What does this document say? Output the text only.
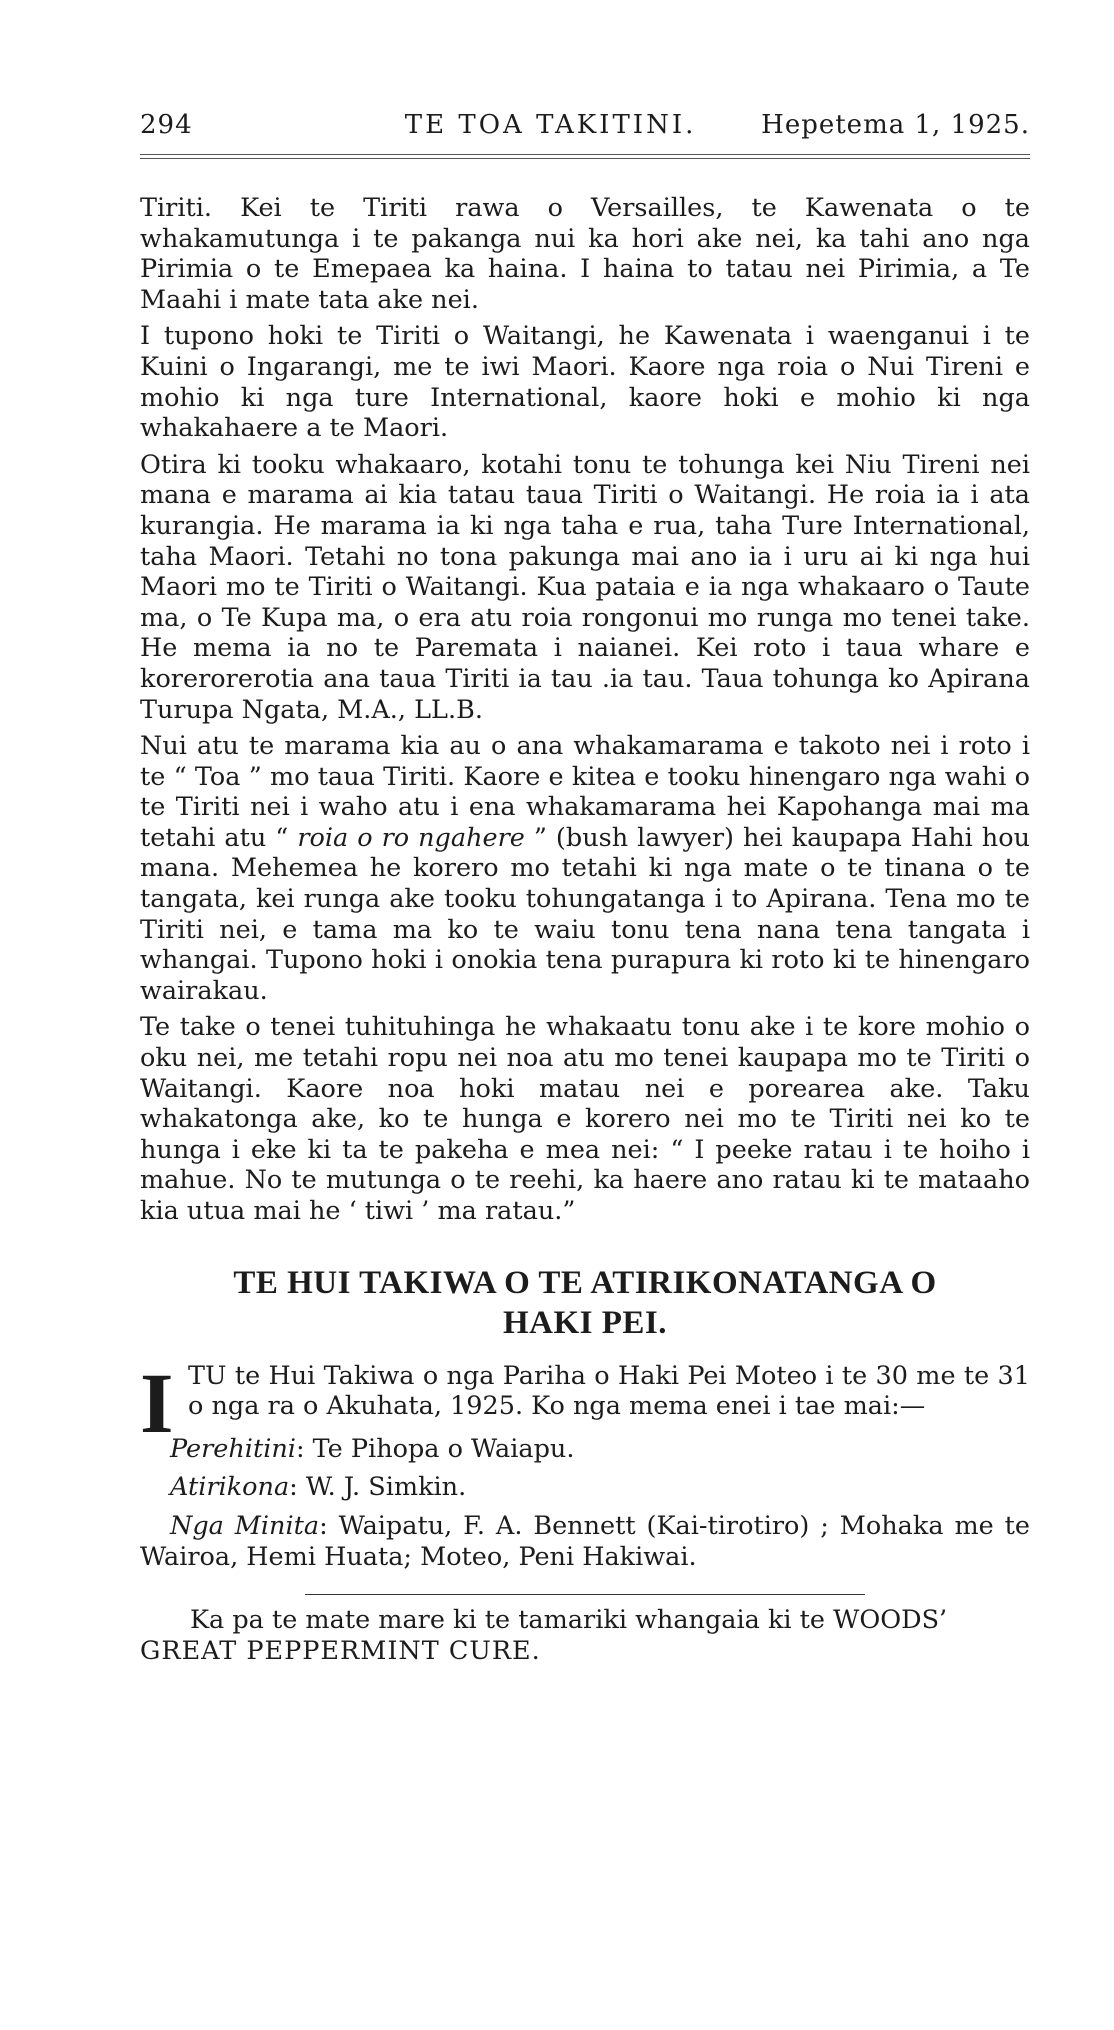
294	TE TOA TAKITINI.	Hepetema 1, 1925.

Tiriti. Kei te Tiriti rawa o Versailles, te Kawenata o te whakamutunga i te pakanga nui ka hori ake nei, ka tahi ano nga Pirimia o te Emepaea ka haina. I haina to tatau nei Pirimia, a Te Maahi i mate tata ake nei.

I tupono hoki te Tiriti o Waitangi, he Kawenata i waenganui i te Kuini o Ingarangi, me te iwi Maori. Kaore nga roia o Nui Tireni e mohio ki nga ture International, kaore hoki e mohio ki nga whakahaere a te Maori.

Otira ki tooku whakaaro, kotahi tonu te tohunga kei Niu Tireni nei mana e marama ai kia tatau taua Tiriti o Waitangi. He roia ia i ata kurangia. He marama ia ki nga taha e rua, taha Ture International, taha Maori. Tetahi no tona pakunga mai ano ia i uru ai ki nga hui Maori mo te Tiriti o Waitangi. Kua pataia e ia nga whakaaro o Taute ma, o Te Kupa ma, o era atu roia rongonui mo runga mo tenei take. He mema ia no te Paremata i naianei. Kei roto i taua whare e korerorerotia ana taua Tiriti ia tau .ia tau. Taua tohunga ko Apirana Turupa Ngata, M.A., LL.B.

Nui atu te marama kia au o ana whakamarama e takoto nei i roto i te “ Toa ” mo taua Tiriti. Kaore e kitea e tooku hinengaro nga wahi o te Tiriti nei i waho atu i ena whakamarama hei Kapohanga mai ma tetahi atu “ roia o ro ngahere ” (bush lawyer) hei kaupapa Hahi hou mana. Mehemea he korero mo tetahi ki nga mate o te tinana o te tangata, kei runga ake tooku tohungatanga i to Apirana. Tena mo te Tiriti nei, e tama ma ko te waiu tonu tena nana tena tangata i whangai. Tupono hoki i onokia tena purapura ki roto ki te hinengaro wairakau.

Te take o tenei tuhituhinga he whakaatu tonu ake i te kore mohio o oku nei, me tetahi ropu nei noa atu mo tenei kaupapa mo te Tiriti o Waitangi. Kaore noa hoki matau nei e porearea ake. Taku whakatonga ake, ko te hunga e korero nei mo te Tiriti nei ko te hunga i eke ki ta te pakeha e mea nei: “ I peeke ratau i te hoiho i mahue. No te mutunga o te reehi, ka haere ano ratau ki te mataaho kia utua mai he ‘ tiwi ’ ma ratau.”

TE HUI TAKIWA O TE ATIRIKONATANGA O
HAKI PEI.
I TU te Hui Takiwa o nga Pariha o Haki Pei Moteo i te 30 me te 31 o nga ra o Akuhata, 1925. Ko nga mema enei i tae mai:—
Perehitini: Te Pihopa o Waiapu.
Atirikona: W. J. Simkin.
Nga Minita: Waipatu, F. A. Bennett (Kai-tirotiro) ; Mohaka me te Wairoa, Hemi Huata; Moteo, Peni Hakiwai.
Ka pa te mate mare ki te tamariki whangaia ki te WOODS’
GREAT PEPPERMINT CURE.
